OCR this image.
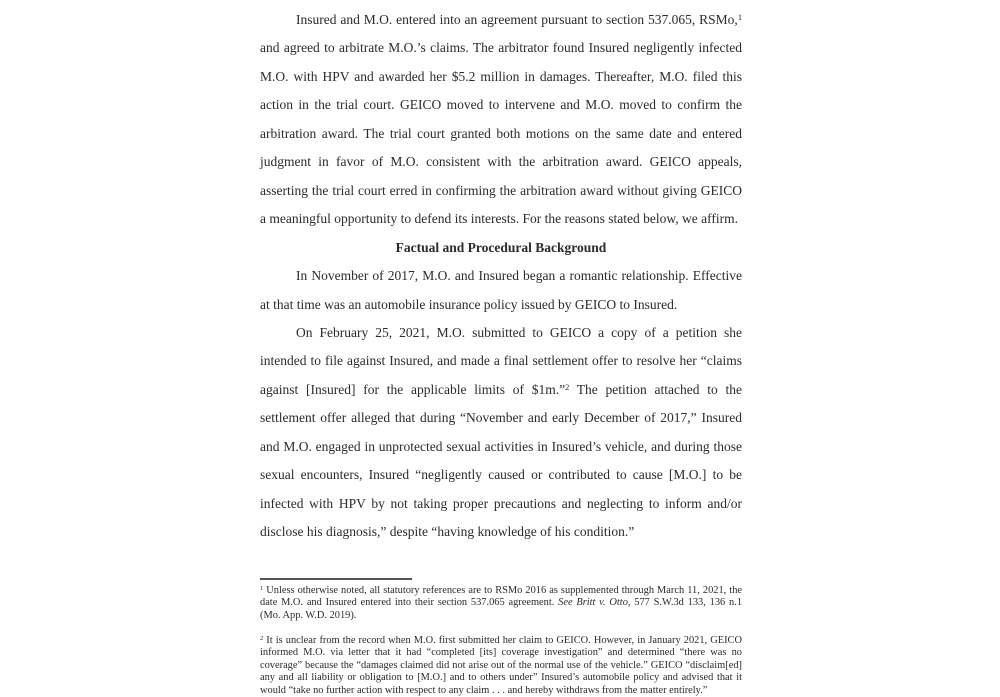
Insured and M.O. entered into an agreement pursuant to section 537.065, RSMo,$^1$ and agreed to arbitrate M.O.’s claims. The arbitrator found Insured negligently infected M.O. with HPV and awarded her $5.2 million in damages. Thereafter, M.O. filed this action in the trial court. GEICO moved to intervene and M.O. moved to confirm the arbitration award. The trial court granted both motions on the same date and entered judgment in favor of M.O. consistent with the arbitration award. GEICO appeals, asserting the trial court erred in confirming the arbitration award without giving GEICO a meaningful opportunity to defend its interests. For the reasons stated below, we affirm.

Factual and Procedural Background

In November of 2017, M.O. and Insured began a romantic relationship. Effective at that time was an automobile insurance policy issued by GEICO to Insured.

On February 25, 2021, M.O. submitted to GEICO a copy of a petition she intended to file against Insured, and made a final settlement offer to resolve her “claims against [Insured] for the applicable limits of $1m.”$^2$ The petition attached to the settlement offer alleged that during “November and early December of 2017,” Insured and M.O. engaged in unprotected sexual activities in Insured’s vehicle, and during those sexual encounters, Insured “negligently caused or contributed to cause [M.O.] to be infected with HPV by not taking proper precautions and neglecting to inform and/or disclose his diagnosis,” despite “having knowledge of his condition.”

$^1$ Unless otherwise noted, all statutory references are to RSMo 2016 as supplemented through March 11, 2021, the date M.O. and Insured entered into their section 537.065 agreement. See Britt v. Otto, 577 S.W.3d 133, 136 n.1 (Mo. App. W.D. 2019).

$^2$ It is unclear from the record when M.O. first submitted her claim to GEICO. However, in January 2021, GEICO informed M.O. via letter that it had “completed [its] coverage investigation” and determined “there was no coverage” because the “damages claimed did not arise out of the normal use of the vehicle.” GEICO “disclaim[ed] any and all liability or obligation to [M.O.] and to others under” Insured’s automobile policy and advised that it would “take no further action with respect to any claim . . . and hereby withdraws from the matter entirely.”
